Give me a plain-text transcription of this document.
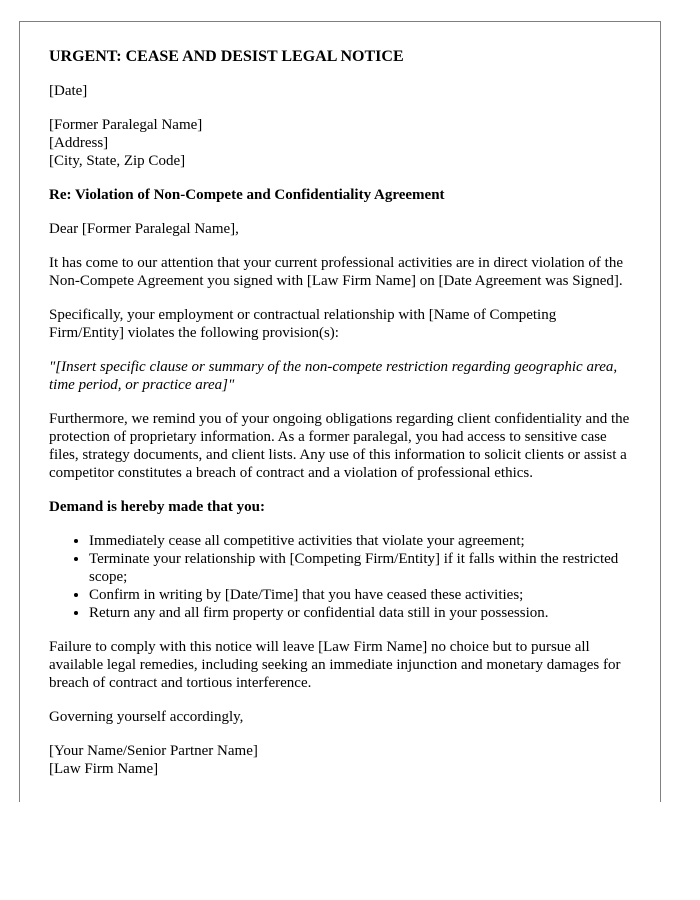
URGENT: CEASE AND DESIST LEGAL NOTICE
[Date]
[Former Paralegal Name]
[Address]
[City, State, Zip Code]
Re: Violation of Non-Compete and Confidentiality Agreement
Dear [Former Paralegal Name],
It has come to our attention that your current professional activities are in direct violation of the Non-Compete Agreement you signed with [Law Firm Name] on [Date Agreement was Signed].
Specifically, your employment or contractual relationship with [Name of Competing Firm/Entity] violates the following provision(s):
"[Insert specific clause or summary of the non-compete restriction regarding geographic area, time period, or practice area]"
Furthermore, we remind you of your ongoing obligations regarding client confidentiality and the protection of proprietary information. As a former paralegal, you had access to sensitive case files, strategy documents, and client lists. Any use of this information to solicit clients or assist a competitor constitutes a breach of contract and a violation of professional ethics.
Demand is hereby made that you:
• Immediately cease all competitive activities that violate your agreement;
• Terminate your relationship with [Competing Firm/Entity] if it falls within the restricted scope;
• Confirm in writing by [Date/Time] that you have ceased these activities;
• Return any and all firm property or confidential data still in your possession.
Failure to comply with this notice will leave [Law Firm Name] no choice but to pursue all available legal remedies, including seeking an immediate injunction and monetary damages for breach of contract and tortious interference.
Governing yourself accordingly,
[Your Name/Senior Partner Name]
[Law Firm Name]
